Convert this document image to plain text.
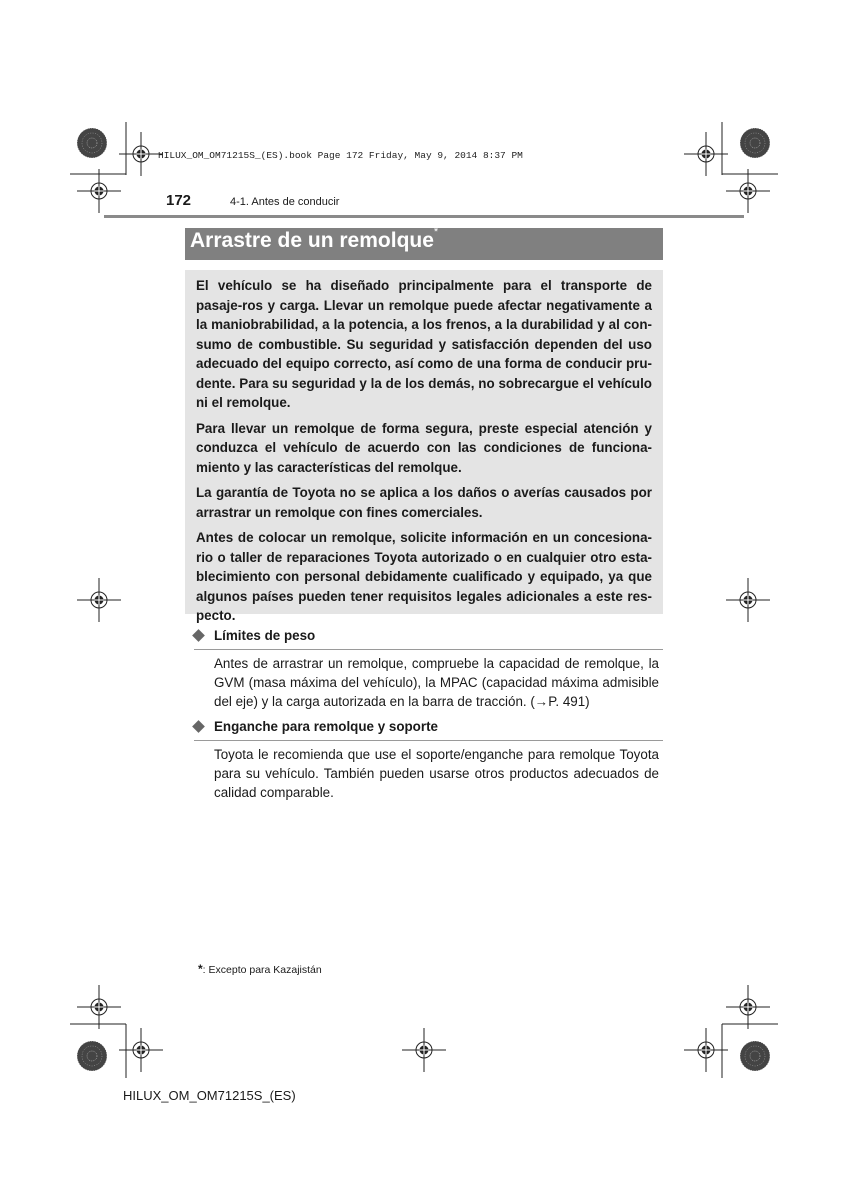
HILUX_OM_OM71215S_(ES).book Page 172 Friday, May 9, 2014 8:37 PM
172	4-1. Antes de conducir
Arrastre de un remolque*

El vehículo se ha diseñado principalmente para el transporte de pasaje-ros y carga. Llevar un remolque puede afectar negativamente a la maniobrabilidad, a la potencia, a los frenos, a la durabilidad y al con-sumo de combustible. Su seguridad y satisfacción dependen del uso adecuado del equipo correcto, así como de una forma de conducir pru-dente. Para su seguridad y la de los demás, no sobrecargue el vehículo ni el remolque.

Para llevar un remolque de forma segura, preste especial atención y conduzca el vehículo de acuerdo con las condiciones de funciona-miento y las características del remolque.

La garantía de Toyota no se aplica a los daños o averías causados por arrastrar un remolque con fines comerciales.

Antes de colocar un remolque, solicite información en un concesiona-rio o taller de reparaciones Toyota autorizado o en cualquier otro esta-blecimiento con personal debidamente cualificado y equipado, ya que algunos países pueden tener requisitos legales adicionales a este res-pecto.

Límites de peso
Antes de arrastrar un remolque, compruebe la capacidad de remolque, la GVM (masa máxima del vehículo), la MPAC (capacidad máxima admisible del eje) y la carga autorizada en la barra de tracción. (→P. 491)
Enganche para remolque y soporte
Toyota le recomienda que use el soporte/enganche para remolque Toyota para su vehículo. También pueden usarse otros productos adecuados de calidad comparable.
*: Excepto para Kazajistán
HILUX_OM_OM71215S_(ES)
